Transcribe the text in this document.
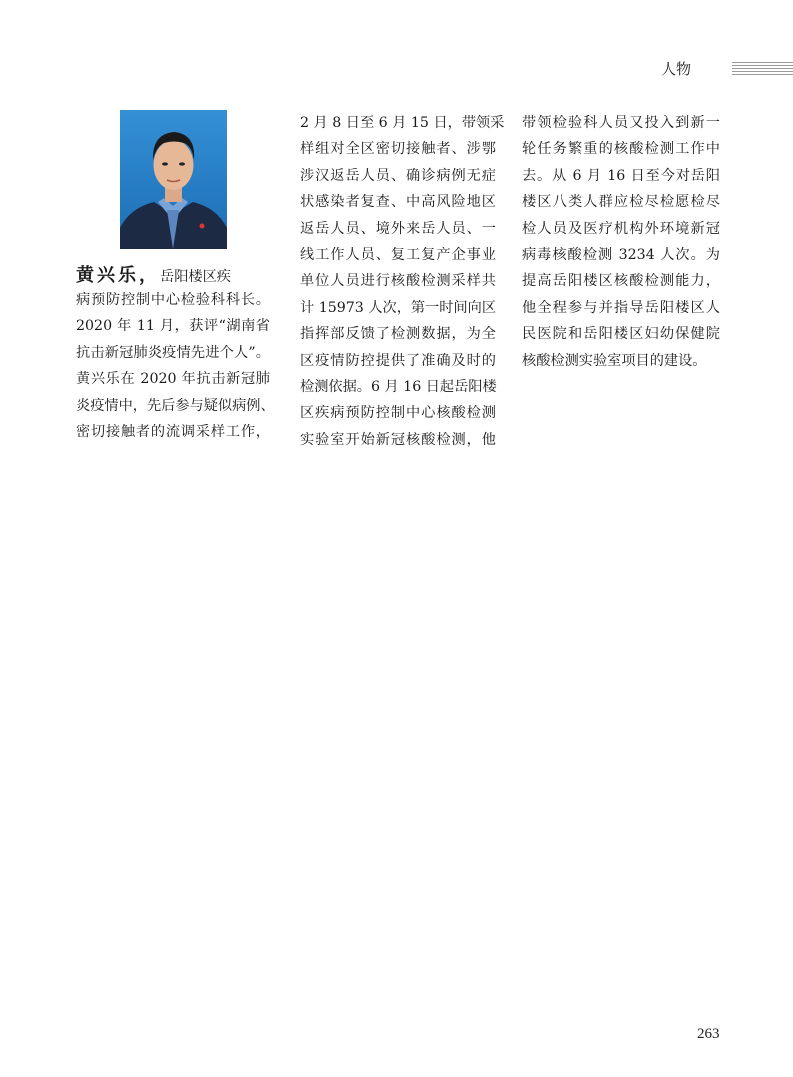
人物
黄兴乐，岳阳楼区疾
病预防控制中心检验科科长。
2020 年 11 月，获评“湖南省
抗击新冠肺炎疫情先进个人”。
黄兴乐在 2020 年抗击新冠肺
炎疫情中，先后参与疑似病例、
密切接触者的流调采样工作，
2 月 8 日至 6 月 15 日，带领采
样组对全区密切接触者、涉鄂
涉汉返岳人员、确诊病例无症
状感染者复查、中高风险地区
返岳人员、境外来岳人员、一
线工作人员、复工复产企事业
单位人员进行核酸检测采样共
计 15973 人次，第一时间向区
指挥部反馈了检测数据，为全
区疫情防控提供了准确及时的
检测依据。6 月 16 日起岳阳楼
区疾病预防控制中心核酸检测
实验室开始新冠核酸检测，他
带领检验科人员又投入到新一
轮任务繁重的核酸检测工作中
去。从 6 月 16 日至今对岳阳
楼区八类人群应检尽检愿检尽
检人员及医疗机构外环境新冠
病毒核酸检测 3234 人次。为
提高岳阳楼区核酸检测能力，
他全程参与并指导岳阳楼区人
民医院和岳阳楼区妇幼保健院
核酸检测实验室项目的建设。
263
